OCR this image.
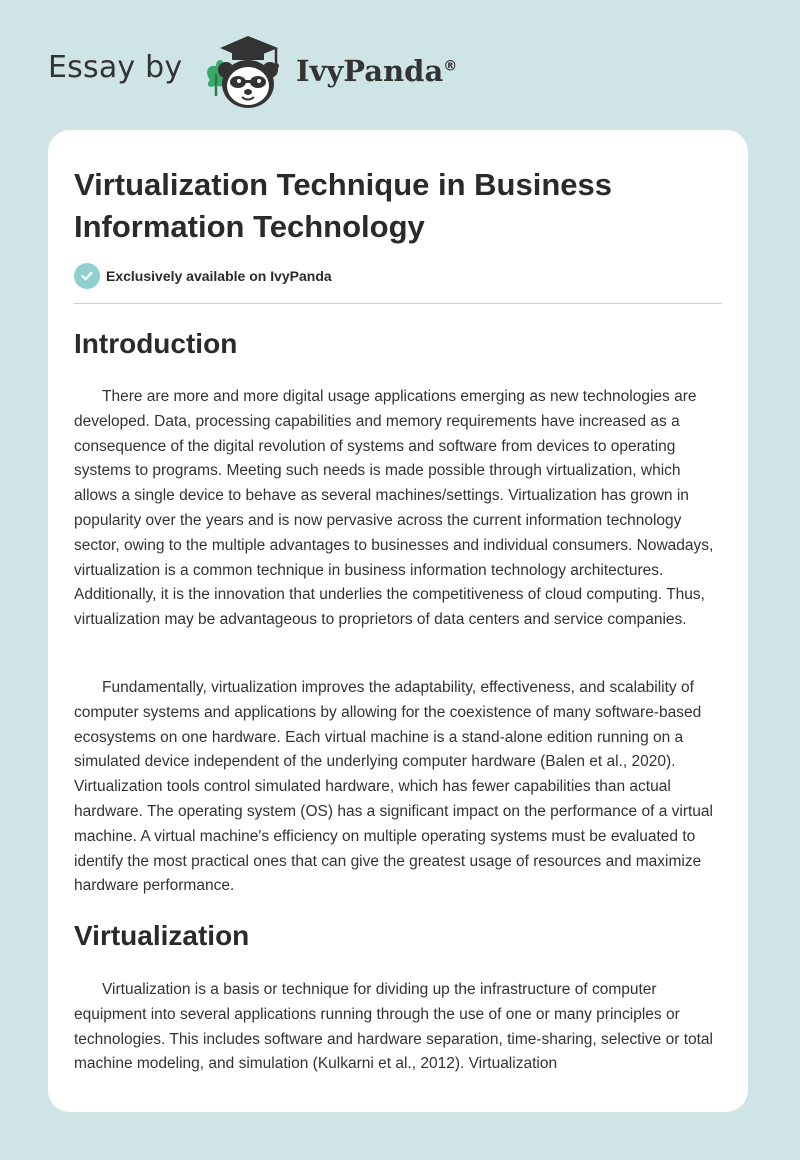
Essay by	IvyPanda®
Virtualization Technique in Business Information Technology
Exclusively available on IvyPanda
Introduction

There are more and more digital usage applications emerging as new technologies are developed. Data, processing capabilities and memory requirements have increased as a consequence of the digital revolution of systems and software from devices to operating systems to programs. Meeting such needs is made possible through virtualization, which allows a single device to behave as several machines/settings. Virtualization has grown in popularity over the years and is now pervasive across the current information technology sector, owing to the multiple advantages to businesses and individual consumers. Nowadays, virtualization is a common technique in business information technology architectures. Additionally, it is the innovation that underlies the competitiveness of cloud computing. Thus, virtualization may be advantageous to proprietors of data centers and service companies.

Fundamentally, virtualization improves the adaptability, effectiveness, and scalability of computer systems and applications by allowing for the coexistence of many software-based ecosystems on one hardware. Each virtual machine is a stand-alone edition running on a simulated device independent of the underlying computer hardware (Balen et al., 2020). Virtualization tools control simulated hardware, which has fewer capabilities than actual hardware. The operating system (OS) has a significant impact on the performance of a virtual machine. A virtual machine's efficiency on multiple operating systems must be evaluated to identify the most practical ones that can give the greatest usage of resources and maximize hardware performance.

Virtualization

Virtualization is a basis or technique for dividing up the infrastructure of computer equipment into several applications running through the use of one or many principles or technologies. This includes software and hardware separation, time-sharing, selective or total machine modeling, and simulation (Kulkarni et al., 2012). Virtualization
